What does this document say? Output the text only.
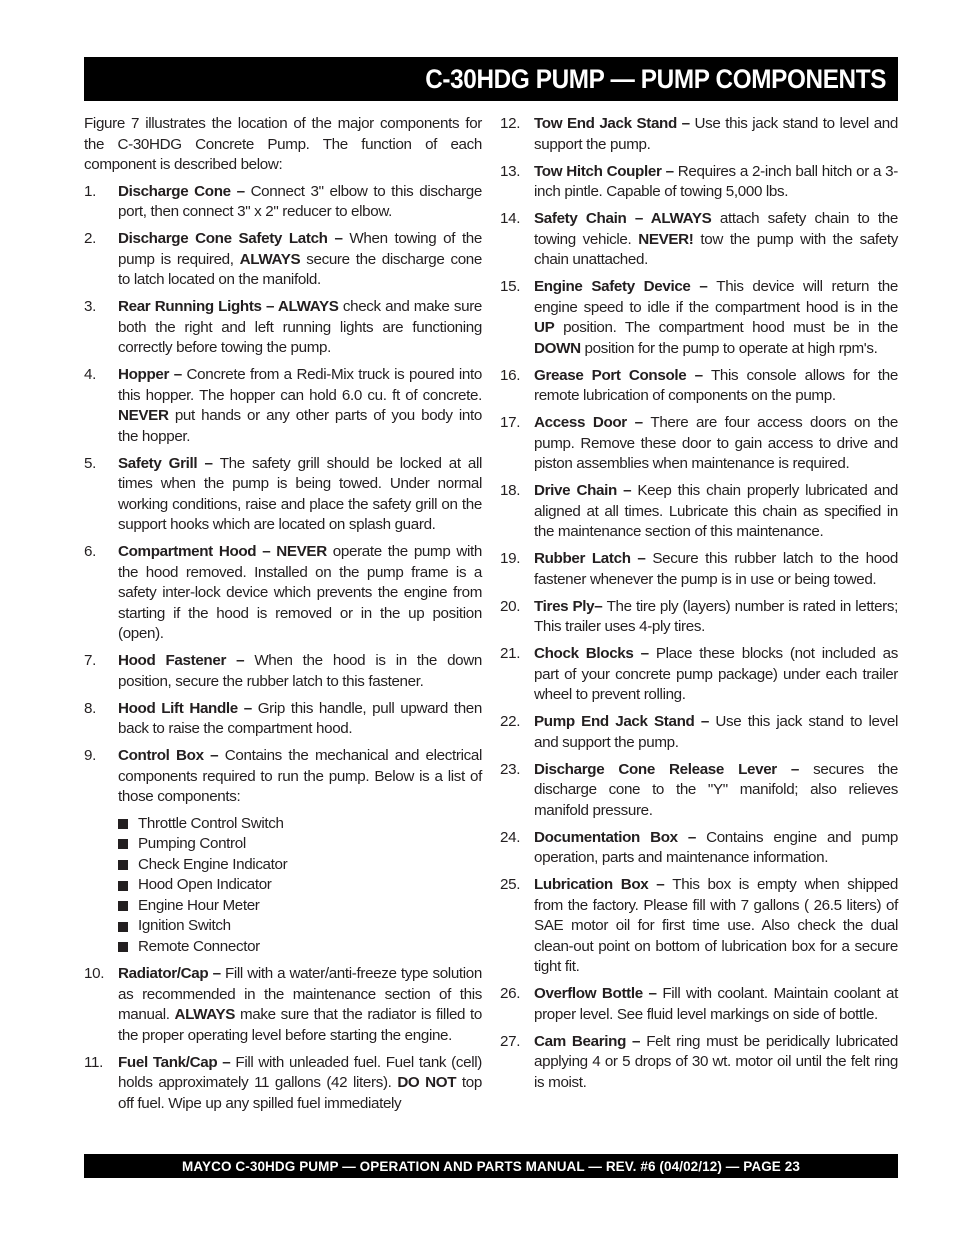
C-30HDG PUMP — PUMP COMPONENTS

Figure 7 illustrates the location of the major components for the C-30HDG Concrete Pump. The function of each component is described below:

1.	Discharge Cone – Connect 3" elbow to this discharge port, then connect 3" x 2" reducer to elbow.
2.	Discharge Cone Safety Latch – When towing of the pump is required, ALWAYS secure the discharge cone to latch located on the manifold.
3.	Rear Running Lights – ALWAYS check and make sure both the right and left running lights are functioning correctly before towing the pump.
4.	Hopper – Concrete from a Redi-Mix truck is poured into this hopper. The hopper can hold 6.0 cu. ft of concrete. NEVER put hands or any other parts of you body into the hopper.
5.	Safety Grill – The safety grill should be locked at all times when the pump is being towed. Under normal working conditions, raise and place the safety grill on the support hooks which are located on splash guard.
6.	Compartment Hood – NEVER operate the pump with the hood removed. Installed on the pump frame is a safety inter-lock device which prevents the engine from starting if the hood is removed or in the up position (open).
7.	Hood Fastener – When the hood is in the down position, secure the rubber latch to this fastener.
8.	Hood Lift Handle – Grip this handle, pull upward then back to raise the compartment hood.
9.	Control Box – Contains the mechanical and electrical components required to run the pump. Below is a list of those components:
Throttle Control Switch
Pumping Control
Check Engine Indicator
Hood Open Indicator
Engine Hour Meter
Ignition Switch
Remote Connector
10. Radiator/Cap – Fill with a water/anti-freeze type solution as recommended in the maintenance section of this manual. ALWAYS make sure that the radiator is filled to the proper operating level before starting the engine.
11. Fuel Tank/Cap – Fill with unleaded fuel. Fuel tank (cell) holds approximately 11 gallons (42 liters). DO NOT top off fuel. Wipe up any spilled fuel immediately
12. Tow End Jack Stand – Use this jack stand to level and support the pump.
13. Tow Hitch Coupler – Requires a 2-inch ball hitch or a 3-inch pintle. Capable of towing 5,000 lbs.
14. Safety Chain – ALWAYS attach safety chain to the towing vehicle. NEVER! tow the pump with the safety chain unattached.
15. Engine Safety Device – This device will return the engine speed to idle if the compartment hood is in the UP position. The compartment hood must be in the DOWN position for the pump to operate at high rpm's.
16. Grease Port Console – This console allows for the remote lubrication of components on the pump.
17. Access Door – There are four access doors on the pump. Remove these door to gain access to drive and piston assemblies when maintenance is required.
18. Drive Chain – Keep this chain properly lubricated and aligned at all times. Lubricate this chain as specified in the maintenance section of this maintenance.
19. Rubber Latch – Secure this rubber latch to the hood fastener whenever the pump is in use or being towed.
20. Tires Ply– The tire ply (layers) number is rated in letters; This trailer uses 4-ply tires.
21. Chock Blocks – Place these blocks (not included as part of your concrete pump package) under each trailer wheel to prevent rolling.
22. Pump End Jack Stand – Use this jack stand to level and support the pump.
23. Discharge Cone Release Lever – secures the discharge cone to the "Y" manifold; also relieves manifold pressure.
24. Documentation Box – Contains engine and pump operation, parts and maintenance information.
25. Lubrication Box – This box is empty when shipped from the factory. Please fill with 7 gallons ( 26.5 liters) of SAE motor oil for first time use. Also check the dual clean-out point on bottom of lubrication box for a secure tight fit.
26. Overflow Bottle – Fill with coolant. Maintain coolant at proper level. See fluid level markings on side of bottle.
27. Cam Bearing – Felt ring must be peridically lubricated applying 4 or 5 drops of 30 wt. motor oil until the felt ring is moist.
MAYCO C-30HDG PUMP — OPERATION AND PARTS MANUAL — REV. #6 (04/02/12) — PAGE 23
